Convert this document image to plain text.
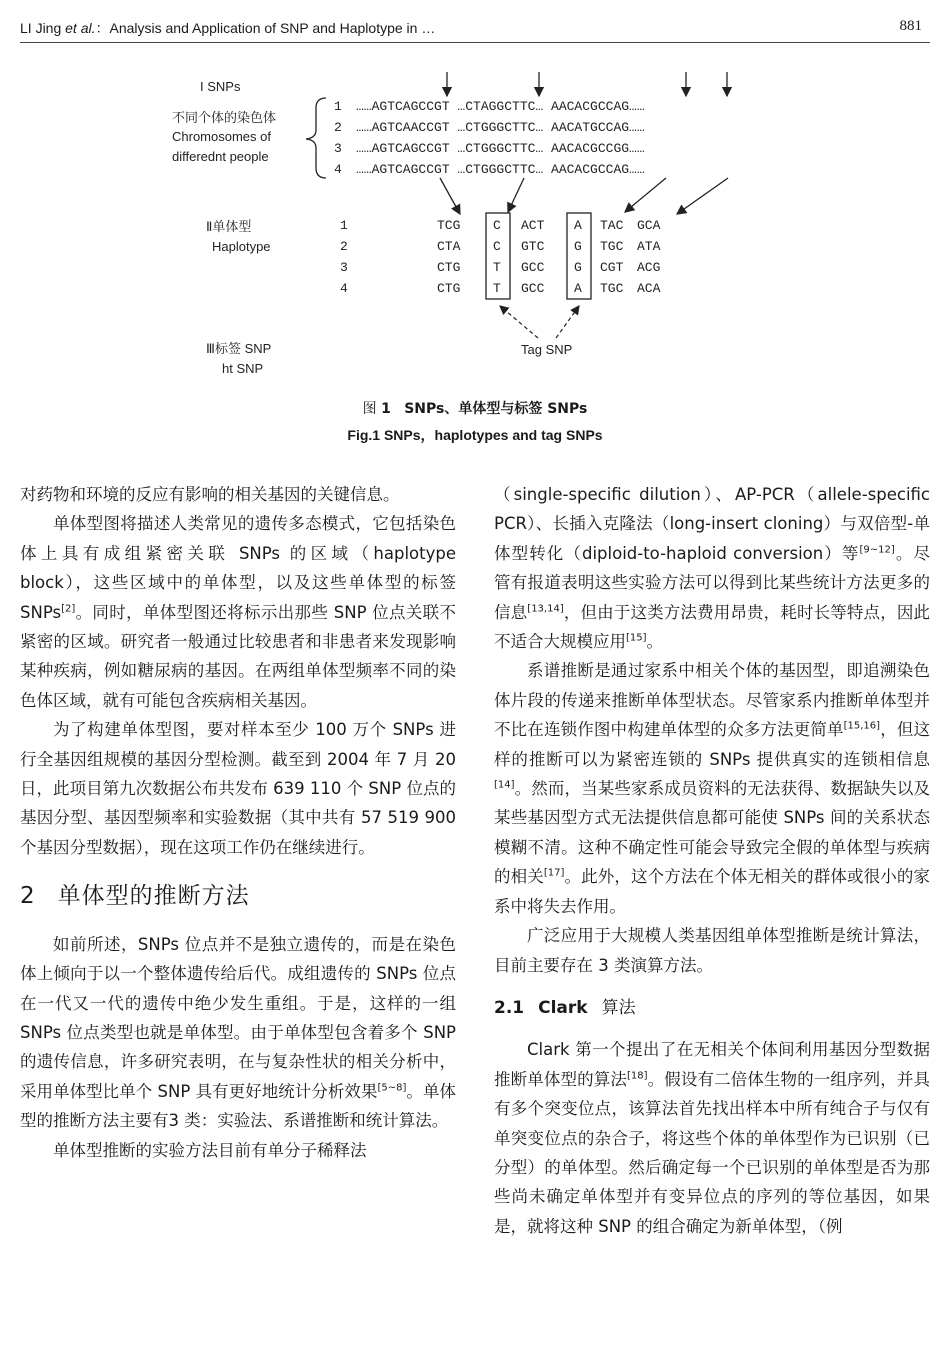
LI Jing et al.：Analysis and Application of SNP and Haplotype in …	881
I SNPs
不同个体的染色体
Chromosomes of
differednt people
1 ……AGTCAGCCGT …CTAGGCTTC… AACACGCCAG……
2 ……AGTCAACCGT …CTGGGCTTC… AACATGCCAG……
3 ……AGTCAGCCGT …CTGGGCTTC… AACACGCCGG……
4 ……AGTCAGCCGT …CTGGGCTTC… AACACGCCAG……
Ⅱ单体型
Haplotype
1	TCG	C ACT A TAC GCA
2	CTA	C GTC G TGC ATA
3	CTG	T GCC G CGT ACG
4	CTG	T GCC A TGC ACA
Tag SNP
Ⅲ标签 SNP
ht SNP
图 1 SNPs、单体型与标签 SNPs
Fig.1 SNPs，haplotypes and tag SNPs

对药物和环境的反应有影响的相关基因的关键信息。

单体型图将描述人类常见的遗传多态模式，它包括染色体上具有成组紧密关联 SNPs 的区域（haplotype block），这些区域中的单体型，以及这些单体型的标签 SNPs[2]。同时，单体型图还将标示出那些 SNP 位点关联不紧密的区域。研究者一般通过比较患者和非患者来发现影响某种疾病，例如糖尿病的基因。在两组单体型频率不同的染色体区域，就有可能包含疾病相关基因。

为了构建单体型图，要对样本至少 100 万个 SNPs 进行全基因组规模的基因分型检测。截至到 2004 年 7 月 20 日，此项目第九次数据公布共发布 639 110 个 SNP 位点的基因分型、基因型频率和实验数据（其中共有 57 519 900 个基因分型数据），现在这项工作仍在继续进行。

2 单体型的推断方法

如前所述，SNPs 位点并不是独立遗传的，而是在染色体上倾向于以一个整体遗传给后代。成组遗传的 SNPs 位点在一代又一代的遗传中绝少发生重组。于是，这样的一组 SNPs 位点类型也就是单体型。由于单体型包含着多个 SNP 的遗传信息，许多研究表明，在与复杂性状的相关分析中，采用单体型比单个 SNP 具有更好地统计分析效果[5~8]。单体型的推断方法主要有3 类：实验法、系谱推断和统计算法。

单体型推断的实验方法目前有单分子稀释法

（single-specific dilution）、AP-PCR（allele-specific PCR）、长插入克隆法（long-insert cloning）与双倍型-单体型转化（diploid-to-haploid conversion）等[9~12]。尽管有报道表明这些实验方法可以得到比某些统计方法更多的信息[13,14]，但由于这类方法费用昂贵，耗时长等特点，因此不适合大规模应用[15]。

系谱推断是通过家系中相关个体的基因型，即追溯染色体片段的传递来推断单体型状态。尽管家系内推断单体型并不比在连锁作图中构建单体型的众多方法更简单[15,16]，但这样的推断可以为紧密连锁的 SNPs 提供真实的连锁相信息[14]。然而，当某些家系成员资料的无法获得、数据缺失以及某些基因型方式无法提供信息都可能使 SNPs 间的关系状态模糊不清。这种不确定性可能会导致完全假的单体型与疾病的相关[17]。此外，这个方法在个体无相关的群体或很小的家系中将失去作用。

广泛应用于大规模人类基因组单体型推断是统计算法，目前主要存在 3 类演算方法。

2.1 Clark 算法

Clark 第一个提出了在无相关个体间利用基因分型数据推断单体型的算法[18]。假设有二倍体生物的一组序列，并具有多个突变位点，该算法首先找出样本中所有纯合子与仅有单突变位点的杂合子，将这些个体的单体型作为已识别（已分型）的单体型。然后确定每一个已识别的单体型是否为那些尚未确定单体型并有变异位点的序列的等位基因，如果是，就将这种 SNP 的组合确定为新单体型，（例
